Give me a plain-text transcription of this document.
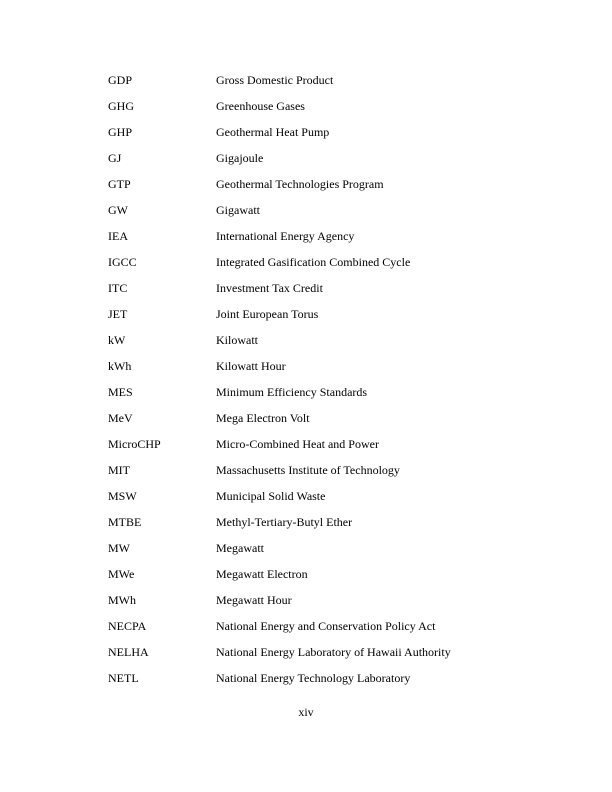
GDP	Gross Domestic Product
GHG	Greenhouse Gases
GHP	Geothermal Heat Pump
GJ	Gigajoule
GTP	Geothermal Technologies Program
GW	Gigawatt
IEA	International Energy Agency
IGCC	Integrated Gasification Combined Cycle
ITC	Investment Tax Credit
JET	Joint European Torus
kW	Kilowatt
kWh	Kilowatt Hour
MES	Minimum Efficiency Standards
MeV	Mega Electron Volt
MicroCHP	Micro-Combined Heat and Power
MIT	Massachusetts Institute of Technology
MSW	Municipal Solid Waste
MTBE	Methyl-Tertiary-Butyl Ether
MW	Megawatt
MWe	Megawatt Electron
MWh	Megawatt Hour
NECPA	National Energy and Conservation Policy Act
NELHA	National Energy Laboratory of Hawaii Authority
NETL	National Energy Technology Laboratory
xiv
